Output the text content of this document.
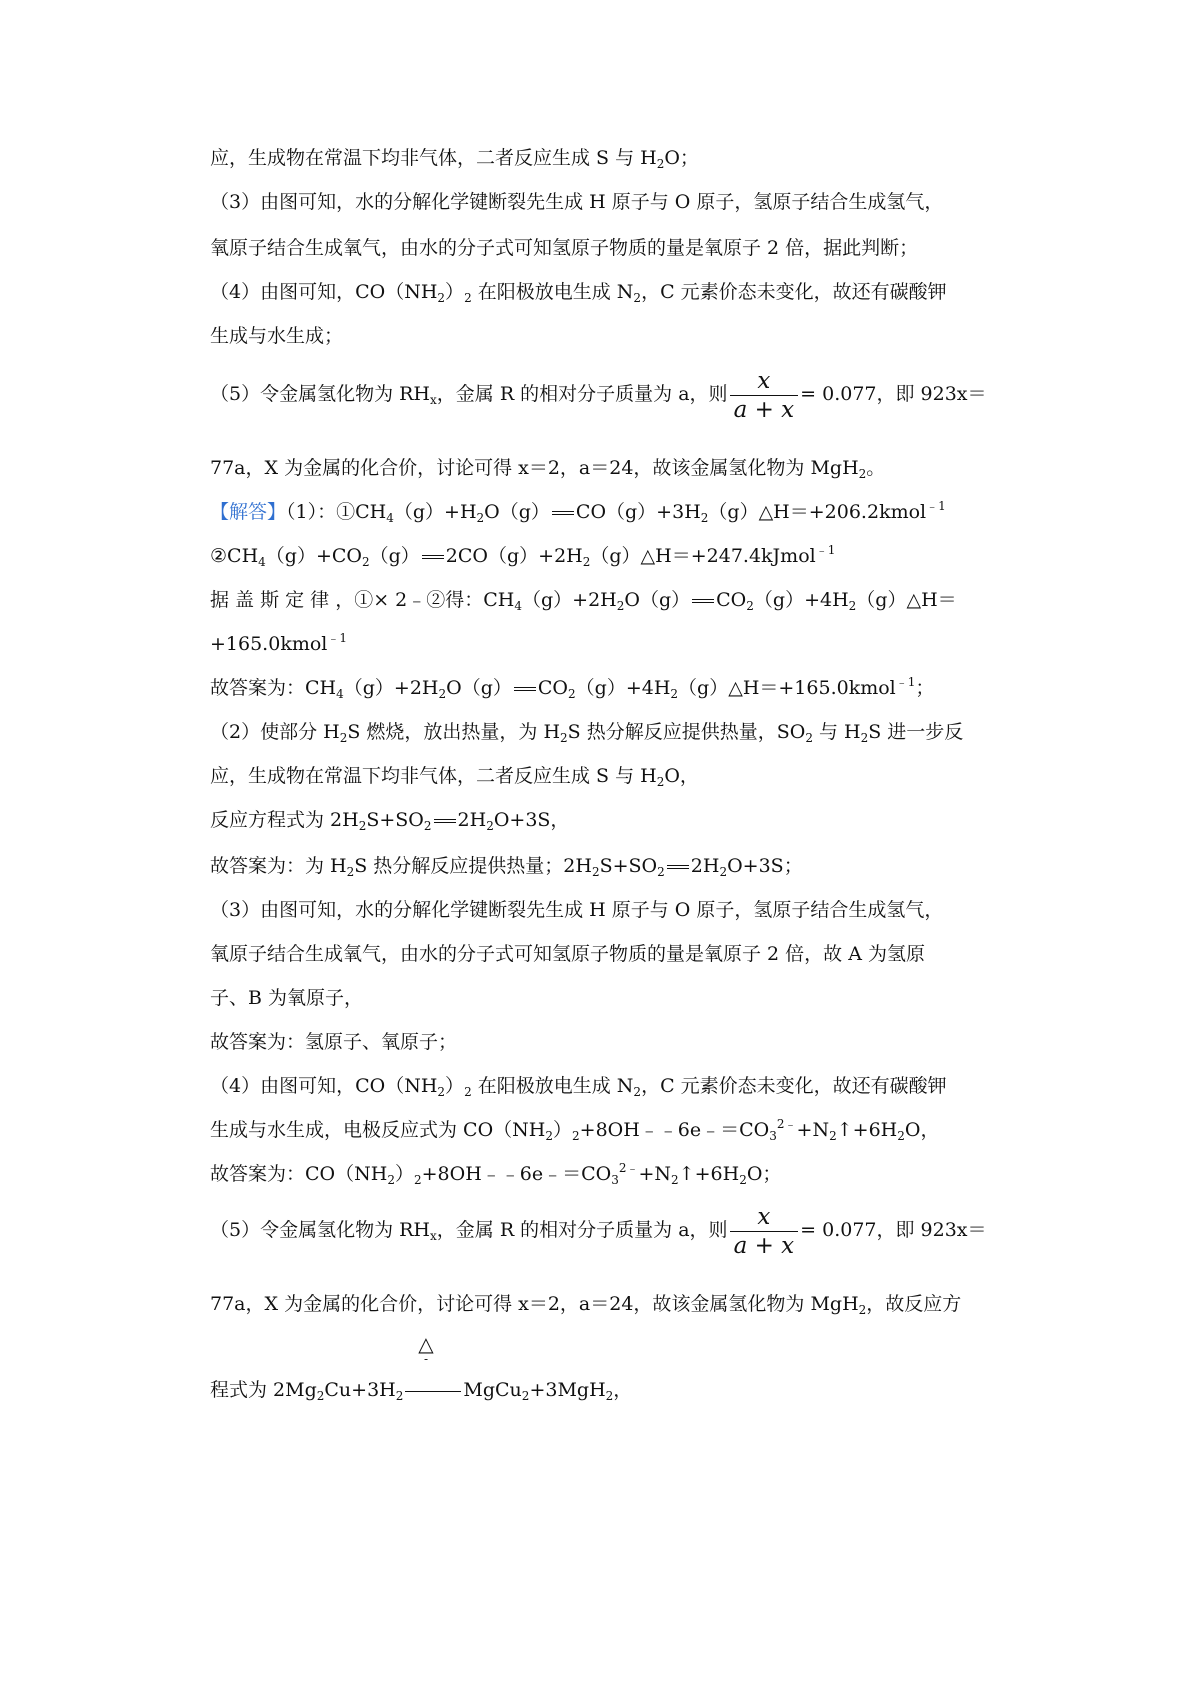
应，生成物在常温下均非气体，二者反应生成 S 与 $H_2O$；
（3）由图可知，水的分解化学键断裂先生成 H 原子与 O 原子，氢原子结合生成氢气，
氧原子结合生成氧气，由水的分子式可知氢原子物质的量是氧原子 2 倍，据此判断；
（4）由图可知，$CO(NH_2)_2$ 在阳极放电生成 $N_2$，C 元素价态未变化，故还有碳酸钾
生成与水生成；
（5）令金属氢化物为 $RH_x$，金属 R 的相对分子质量为 a，则 $\frac{x}{a + x} = 0.077$，即 923x＝
77a，X 为金属的化合价，讨论可得 x＝2，a＝24，故该金属氢化物为 MgH$_2$。
【解答】（1）：$①CH_4(g)+H_2O(g)$ $CO(g)+3H_2(g)\triangle H=+206.2kmol^{﹣1}$
$②CH_4(g)+CO_2(g)$ $2CO(g)+2H_2(g)\triangle H=+247.4kJmol^{﹣1}$
据 盖 斯 定 律 ，①× 2﹣②得：$CH_4(g)+2H_2O(g)$ $CO_2(g)+4H_2(g)\triangle H=$
+165.0kmol$^{﹣1}$
故答案为：$CH_4(g)+2H_2O(g)$ $CO_2(g)+4H_2(g)\triangle H=+165.0kmol^{﹣1}$；
（2）使部分 $H_2S$ 燃烧，放出热量，为 $H_2S$ 热分解反应提供热量，$SO_2$ 与 $H_2S$ 进一步反
应，生成物在常温下均非气体，二者反应生成 S 与 $H_2O$，
反应方程式为 $2H_2S+SO_2$ $2H_2O+3S$，
故答案为：为 $H_2S$ 热分解反应提供热量；$2H_2S+SO_2$ $2H_2O+3S$；
（3）由图可知，水的分解化学键断裂先生成 H 原子与 O 原子，氢原子结合生成氢气，
氧原子结合生成氧气，由水的分子式可知氢原子物质的量是氧原子 2 倍，故 A 为氢原
子、B 为氧原子，
故答案为：氢原子、氧原子；
（4）由图可知，$CO(NH_2)_2$ 在阳极放电生成 $N_2$，C 元素价态未变化，故还有碳酸钾
生成与水生成，电极反应式为 $CO(NH_2)_2+8OH﹣﹣6e﹣=CO_3^{2﹣}+N_2↑+6H_2O$，
故答案为：$CO(NH_2)_2+8OH﹣﹣6e﹣=CO_3^{2﹣}+N_2↑+6H_2O$；
（5）令金属氢化物为 $RH_x$，金属 R 的相对分子质量为 a，则 $\frac{x}{a + x} = 0.077$，即 923x＝
77a，X 为金属的化合价，讨论可得 x＝2，a＝24，故该金属氢化物为 MgH$_2$，故反应方
△
-
程式为 $2Mg_2Cu+3H_2$	MgCu$_2$+3MgH$_2$，
